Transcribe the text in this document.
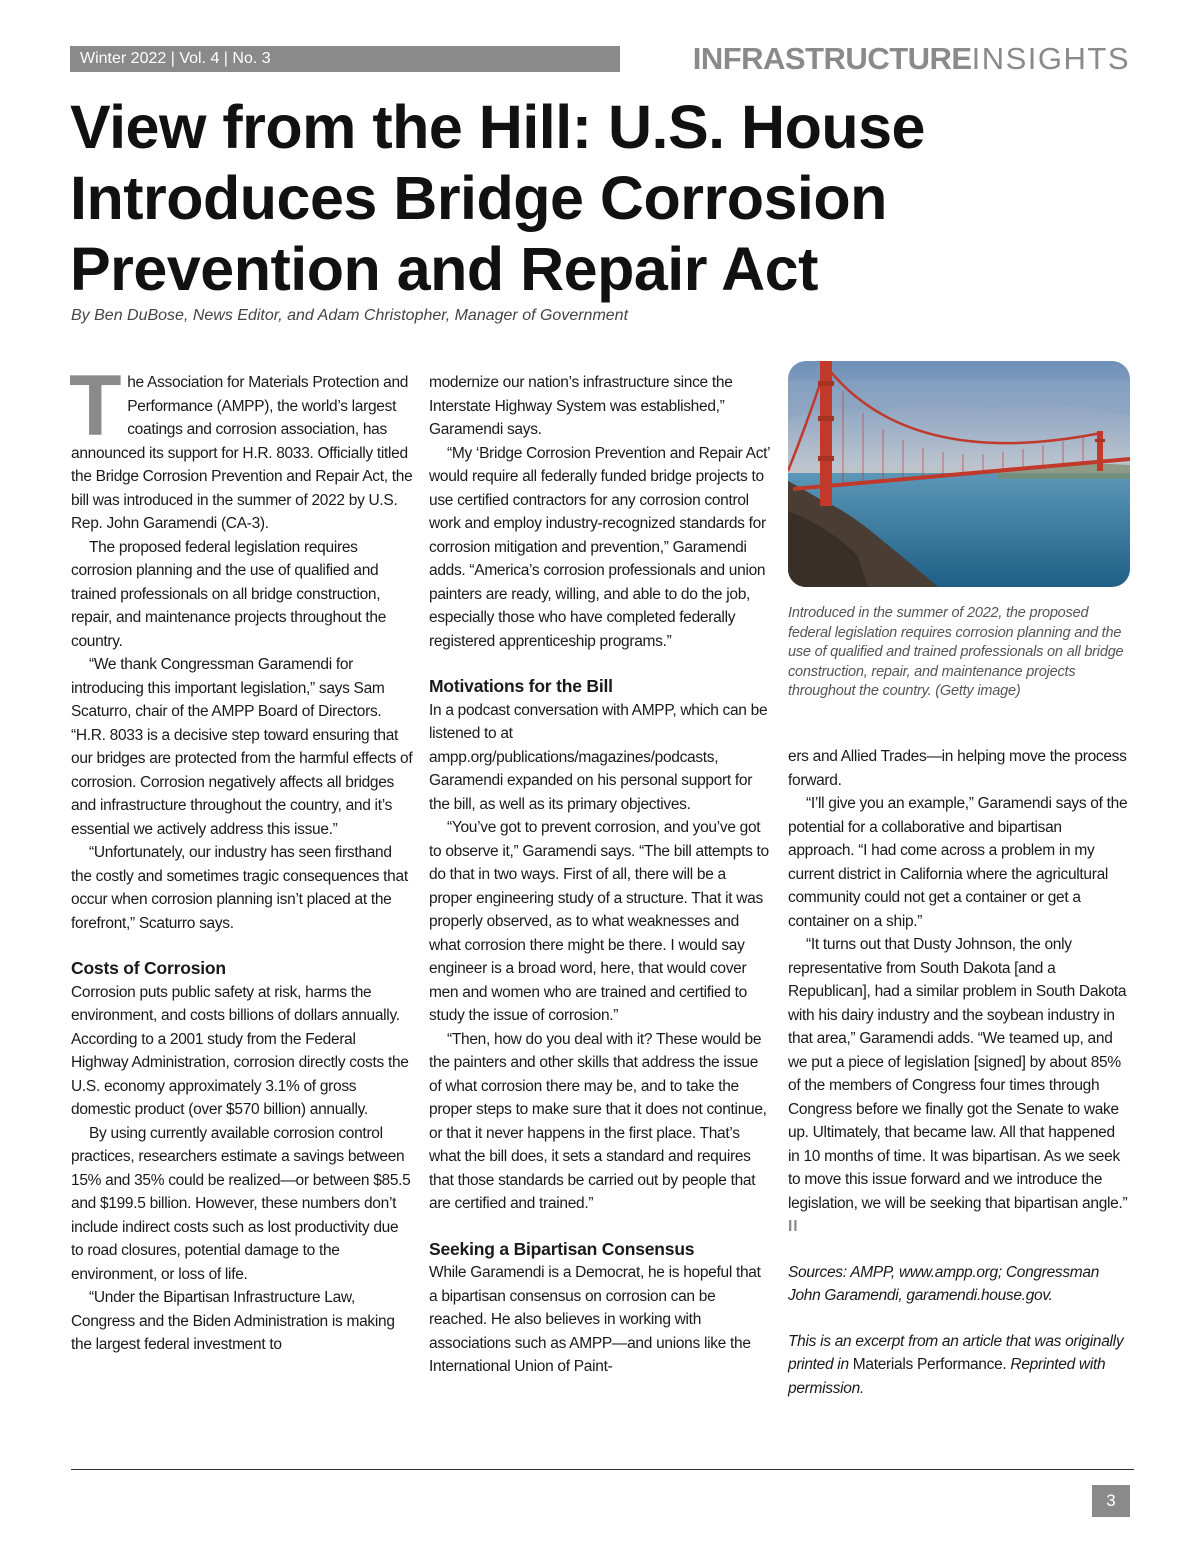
Winter 2022 | Vol. 4 | No. 3	INFRASTRUCTUREINSIGHTS
View from the Hill: U.S. House Introduces Bridge Corrosion Prevention and Repair Act
By Ben DuBose, News Editor, and Adam Christopher, Manager of Government

The Association for Materials Protection and Performance (AMPP), the world’s largest coatings and corrosion association, has announced its support for H.R. 8033. Officially titled the Bridge Corrosion Prevention and Repair Act, the bill was introduced in the summer of 2022 by U.S. Rep. John Garamendi (CA-3).

The proposed federal legislation requires corrosion planning and the use of qualified and trained professionals on all bridge construction, repair, and maintenance projects throughout the country.

“We thank Congressman Garamendi for introducing this important legislation,” says Sam Scaturro, chair of the AMPP Board of Directors. “H.R. 8033 is a decisive step toward ensuring that our bridges are protected from the harmful effects of corrosion. Corrosion negatively affects all bridges and infrastructure throughout the country, and it’s essential we actively address this issue.”

“Unfortunately, our industry has seen firsthand the costly and sometimes tragic consequences that occur when corrosion planning isn’t placed at the forefront,” Scaturro says.

Costs of Corrosion

Corrosion puts public safety at risk, harms the environment, and costs billions of dollars annually. According to a 2001 study from the Federal Highway Administration, corrosion directly costs the U.S. economy approximately 3.1% of gross domestic product (over $570 billion) annually.

By using currently available corrosion control practices, researchers estimate a savings between 15% and 35% could be realized—or between $85.5 and $199.5 billion. However, these numbers don’t include indirect costs such as lost productivity due to road closures, potential damage to the environment, or loss of life.

“Under the Bipartisan Infrastructure Law, Congress and the Biden Administration is making the largest federal investment to

modernize our nation’s infrastructure since the Interstate Highway System was established,” Garamendi says.

“My ‘Bridge Corrosion Prevention and Repair Act’ would require all federally funded bridge projects to use certified contractors for any corrosion control work and employ industry-recognized standards for corrosion mitigation and prevention,” Garamendi adds. “America’s corrosion professionals and union painters are ready, willing, and able to do the job, especially those who have completed federally registered apprenticeship programs.”

Motivations for the Bill

In a podcast conversation with AMPP, which can be listened to at ampp.org/publications/magazines/podcasts, Garamendi expanded on his personal support for the bill, as well as its primary objectives.

“You’ve got to prevent corrosion, and you’ve got to observe it,” Garamendi says. “The bill attempts to do that in two ways. First of all, there will be a proper engineering study of a structure. That it was properly observed, as to what weaknesses and what corrosion there might be there. I would say engineer is a broad word, here, that would cover men and women who are trained and certified to study the issue of corrosion.”

“Then, how do you deal with it? These would be the painters and other skills that address the issue of what corrosion there may be, and to take the proper steps to make sure that it does not continue, or that it never happens in the first place. That’s what the bill does, it sets a standard and requires that those standards be carried out by people that are certified and trained.”

Seeking a Bipartisan Consensus

While Garamendi is a Democrat, he is hopeful that a bipartisan consensus on corrosion can be reached. He also believes in working with associations such as AMPP—and unions like the International Union of Paint-

Introduced in the summer of 2022, the proposed federal legislation requires corrosion planning and the use of qualified and trained professionals on all bridge construction, repair, and maintenance projects throughout the country. (Getty image)

ers and Allied Trades—in helping move the process forward.

“I’ll give you an example,” Garamendi says of the potential for a collaborative and bipartisan approach. “I had come across a problem in my current district in California where the agricultural community could not get a container or get a container on a ship.”

“It turns out that Dusty Johnson, the only representative from South Dakota [and a Republican], had a similar problem in South Dakota with his dairy industry and the soybean industry in that area,” Garamendi adds. “We teamed up, and we put a piece of legislation [signed] by about 85% of the members of Congress four times through Congress before we finally got the Senate to wake up. Ultimately, that became law. All that happened in 10 months of time. It was bipartisan. As we seek to move this issue forward and we introduce the legislation, we will be seeking that bipartisan angle.” II

Sources: AMPP, www.ampp.org; Congressman John Garamendi, garamendi.house.gov.

This is an excerpt from an article that was originally printed in Materials Performance. Reprinted with permission.

3
